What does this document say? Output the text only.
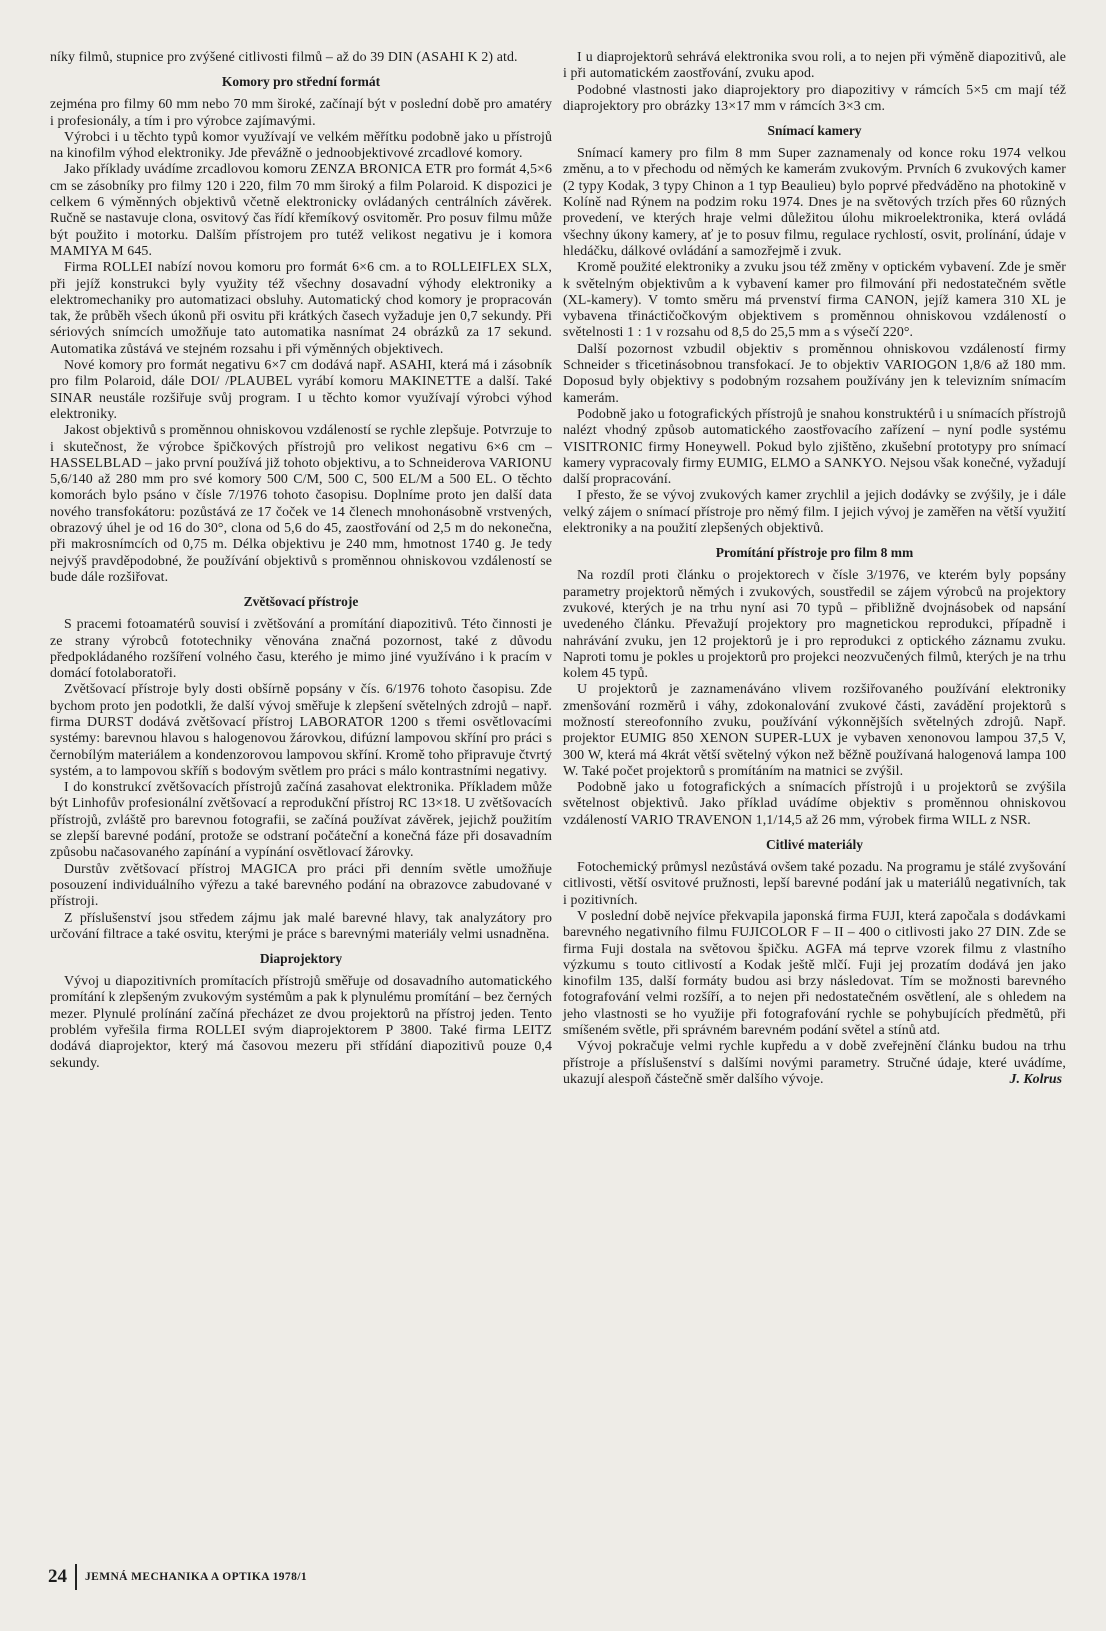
níky filmů, stupnice pro zvýšené citlivosti filmů – až do 39 DIN (ASAHI K 2) atd.

Komory pro střední formát

zejména pro filmy 60 mm nebo 70 mm široké, začínají být v poslední době pro amatéry i profesionály, a tím i pro výrobce zajímavými.

Výrobci i u těchto typů komor využívají ve velkém měřítku podobně jako u přístrojů na kinofilm výhod elektroniky. Jde převážně o jednoobjektivové zrcadlové komory.

Jako příklady uvádíme zrcadlovou komoru ZENZA BRONICA ETR pro formát 4,5×6 cm se zásobníky pro filmy 120 i 220, film 70 mm široký a film Polaroid. K dispozici je celkem 6 výměnných objektivů včetně elektronicky ovládaných centrálních závěrek. Ručně se nastavuje clona, osvitový čas řídí křemíkový osvitoměr. Pro posuv filmu může být použito i motorku. Dalším přístrojem pro tutéž velikost negativu je i komora MAMIYA M 645.

Firma ROLLEI nabízí novou komoru pro formát 6×6 cm. a to ROLLEIFLEX SLX, při jejíž konstrukci byly využity též všechny dosavadní výhody elektroniky a elektromechaniky pro automatizaci obsluhy. Automatický chod komory je propracován tak, že průběh všech úkonů při osvitu při krátkých časech vyžaduje jen 0,7 sekundy. Při sériových snímcích umožňuje tato automatika nasnímat 24 obrázků za 17 sekund. Automatika zůstává ve stejném rozsahu i při výměnných objektivech.

Nové komory pro formát negativu 6×7 cm dodává např. ASAHI, která má i zásobník pro film Polaroid, dále DOI/ /PLAUBEL vyrábí komoru MAKINETTE a další. Také SINAR neustále rozšiřuje svůj program. I u těchto komor využívají výrobci výhod elektroniky.

Jakost objektivů s proměnnou ohniskovou vzdáleností se rychle zlepšuje. Potvrzuje to i skutečnost, že výrobce špičkových přístrojů pro velikost negativu 6×6 cm – HASSELBLAD – jako první používá již tohoto objektivu, a to Schneiderova VARIONU 5,6/140 až 280 mm pro své komory 500 C/M, 500 C, 500 EL/M a 500 EL. O těchto komorách bylo psáno v čísle 7/1976 tohoto časopisu. Doplníme proto jen další data nového transfokátoru: pozůstává ze 17 čoček ve 14 členech mnohonásobně vrstvených, obrazový úhel je od 16 do 30°, clona od 5,6 do 45, zaostřování od 2,5 m do nekonečna, při makrosnímcích od 0,75 m. Délka objektivu je 240 mm, hmotnost 1740 g. Je tedy nejvýš pravděpodobné, že používání objektivů s proměnnou ohniskovou vzdáleností se bude dále rozšiřovat.

Zvětšovací přístroje

S pracemi fotoamatérů souvisí i zvětšování a promítání diapozitivů. Této činnosti je ze strany výrobců fototechniky věnována značná pozornost, také z důvodu předpokládaného rozšíření volného času, kterého je mimo jiné využíváno i k pracím v domácí fotolaboratoři.

Zvětšovací přístroje byly dosti obšírně popsány v čís. 6/1976 tohoto časopisu. Zde bychom proto jen podotkli, že další vývoj směřuje k zlepšení světelných zdrojů – např. firma DURST dodává zvětšovací přístroj LABORATOR 1200 s třemi osvětlovacími systémy: barevnou hlavou s halogenovou žárovkou, difúzní lampovou skříní pro práci s černobílým materiálem a kondenzorovou lampovou skříní. Kromě toho připravuje čtvrtý systém, a to lampovou skříň s bodovým světlem pro práci s málo kontrastními negativy.

I do konstrukcí zvětšovacích přístrojů začíná zasahovat elektronika. Příkladem může být Linhofův profesionální zvětšovací a reprodukční přístroj RC 13×18. U zvětšovacích přístrojů, zvláště pro barevnou fotografii, se začíná používat závěrek, jejichž použitím se zlepší barevné podání, protože se odstraní počáteční a konečná fáze při dosavadním způsobu načasovaného zapínání a vypínání osvětlovací žárovky.

Durstův zvětšovací přístroj MAGICA pro práci při denním světle umožňuje posouzení individuálního výřezu a také barevného podání na obrazovce zabudované v přístroji.

Z příslušenství jsou středem zájmu jak malé barevné hlavy, tak analyzátory pro určování filtrace a také osvitu, kterými je práce s barevnými materiály velmi usnadněna.

Diaprojektory

Vývoj u diapozitivních promítacích přístrojů směřuje od dosavadního automatického promítání k zlepšeným zvukovým systémům a pak k plynulému promítání – bez černých mezer. Plynulé prolínání začíná přecházet ze dvou projektorů na přístroj jeden. Tento problém vyřešila firma ROLLEI svým diaprojektorem P 3800. Také firma LEITZ dodává diaprojektor, který má časovou mezeru při střídání diapozitivů pouze 0,4 sekundy.

I u diaprojektorů sehrává elektronika svou roli, a to nejen při výměně diapozitivů, ale i při automatickém zaostřování, zvuku apod.

Podobné vlastnosti jako diaprojektory pro diapozitivy v rámcích 5×5 cm mají též diaprojektory pro obrázky 13×17 mm v rámcích 3×3 cm.

Snímací kamery

Snímací kamery pro film 8 mm Super zaznamenaly od konce roku 1974 velkou změnu, a to v přechodu od němých ke kamerám zvukovým. Prvních 6 zvukových kamer (2 typy Kodak, 3 typy Chinon a 1 typ Beaulieu) bylo poprvé předváděno na photokině v Kolíně nad Rýnem na podzim roku 1974. Dnes je na světových trzích přes 60 různých provedení, ve kterých hraje velmi důležitou úlohu mikroelektronika, která ovládá všechny úkony kamery, ať je to posuv filmu, regulace rychlostí, osvit, prolínání, údaje v hledáčku, dálkové ovládání a samozřejmě i zvuk.

Kromě použité elektroniky a zvuku jsou též změny v optickém vybavení. Zde je směr k světelným objektivům a k vybavení kamer pro filmování při nedostatečném světle (XL-kamery). V tomto směru má prvenství firma CANON, jejíž kamera 310 XL je vybavena třináctičočkovým objektivem s proměnnou ohniskovou vzdáleností o světelnosti 1 : 1 v rozsahu od 8,5 do 25,5 mm a s výsečí 220°.

Další pozornost vzbudil objektiv s proměnnou ohniskovou vzdáleností firmy Schneider s třicetinásobnou transfokací. Je to objektiv VARIOGON 1,8/6 až 180 mm. Doposud byly objektivy s podobným rozsahem používány jen k televizním snímacím kamerám.

Podobně jako u fotografických přístrojů je snahou konstruktérů i u snímacích přístrojů nalézt vhodný způsob automatického zaostřovacího zařízení – nyní podle systému VISITRONIC firmy Honeywell. Pokud bylo zjištěno, zkušební prototypy pro snímací kamery vypracovaly firmy EUMIG, ELMO a SANKYO. Nejsou však konečné, vyžadují další propracování.

I přesto, že se vývoj zvukových kamer zrychlil a jejich dodávky se zvýšily, je i dále velký zájem o snímací přístroje pro němý film. I jejich vývoj je zaměřen na větší využití elektroniky a na použití zlepšených objektivů.

Promítání přístroje pro film 8 mm

Na rozdíl proti článku o projektorech v čísle 3/1976, ve kterém byly popsány parametry projektorů němých i zvukových, soustředil se zájem výrobců na projektory zvukové, kterých je na trhu nyní asi 70 typů – přibližně dvojnásobek od napsání uvedeného článku. Převažují projektory pro magnetickou reprodukci, případně i nahrávání zvuku, jen 12 projektorů je i pro reprodukci z optického záznamu zvuku. Naproti tomu je pokles u projektorů pro projekci neozvučených filmů, kterých je na trhu kolem 45 typů.

U projektorů je zaznamenáváno vlivem rozšiřovaného používání elektroniky zmenšování rozměrů i váhy, zdokonalování zvukové části, zavádění projektorů s možností stereofonního zvuku, používání výkonnějších světelných zdrojů. Např. projektor EUMIG 850 XENON SUPER-LUX je vybaven xenonovou lampou 37,5 V, 300 W, která má 4krát větší světelný výkon než běžně používaná halogenová lampa 100 W. Také počet projektorů s promítáním na matnici se zvýšil.

Podobně jako u fotografických a snímacích přístrojů i u projektorů se zvýšila světelnost objektivů. Jako příklad uvádíme objektiv s proměnnou ohniskovou vzdáleností VARIO TRAVENON 1,1/14,5 až 26 mm, výrobek firma WILL z NSR.

Citlivé materiály

Fotochemický průmysl nezůstává ovšem také pozadu. Na programu je stálé zvyšování citlivosti, větší osvitové pružnosti, lepší barevné podání jak u materiálů negativních, tak i pozitivních.

V poslední době nejvíce překvapila japonská firma FUJI, která započala s dodávkami barevného negativního filmu FUJICOLOR F – II – 400 o citlivosti jako 27 DIN. Zde se firma Fuji dostala na světovou špičku. AGFA má teprve vzorek filmu z vlastního výzkumu s touto citlivostí a Kodak ještě mlčí. Fuji jej prozatím dodává jen jako kinofilm 135, další formáty budou asi brzy následovat. Tím se možnosti barevného fotografování velmi rozšíří, a to nejen při nedostatečném osvětlení, ale s ohledem na jeho vlastnosti se ho využije při fotografování rychle se pohybujících předmětů, při smíšeném světle, při správném barevném podání světel a stínů atd.

Vývoj pokračuje velmi rychle kupředu a v době zveřejnění článku budou na trhu přístroje a příslušenství s dalšími novými parametry. Stručné údaje, které uvádíme, ukazují alespoň částečně směr dalšího vývoje.	J. Kolrus
24	JEMNÁ MECHANIKA A OPTIKA 1978/1
